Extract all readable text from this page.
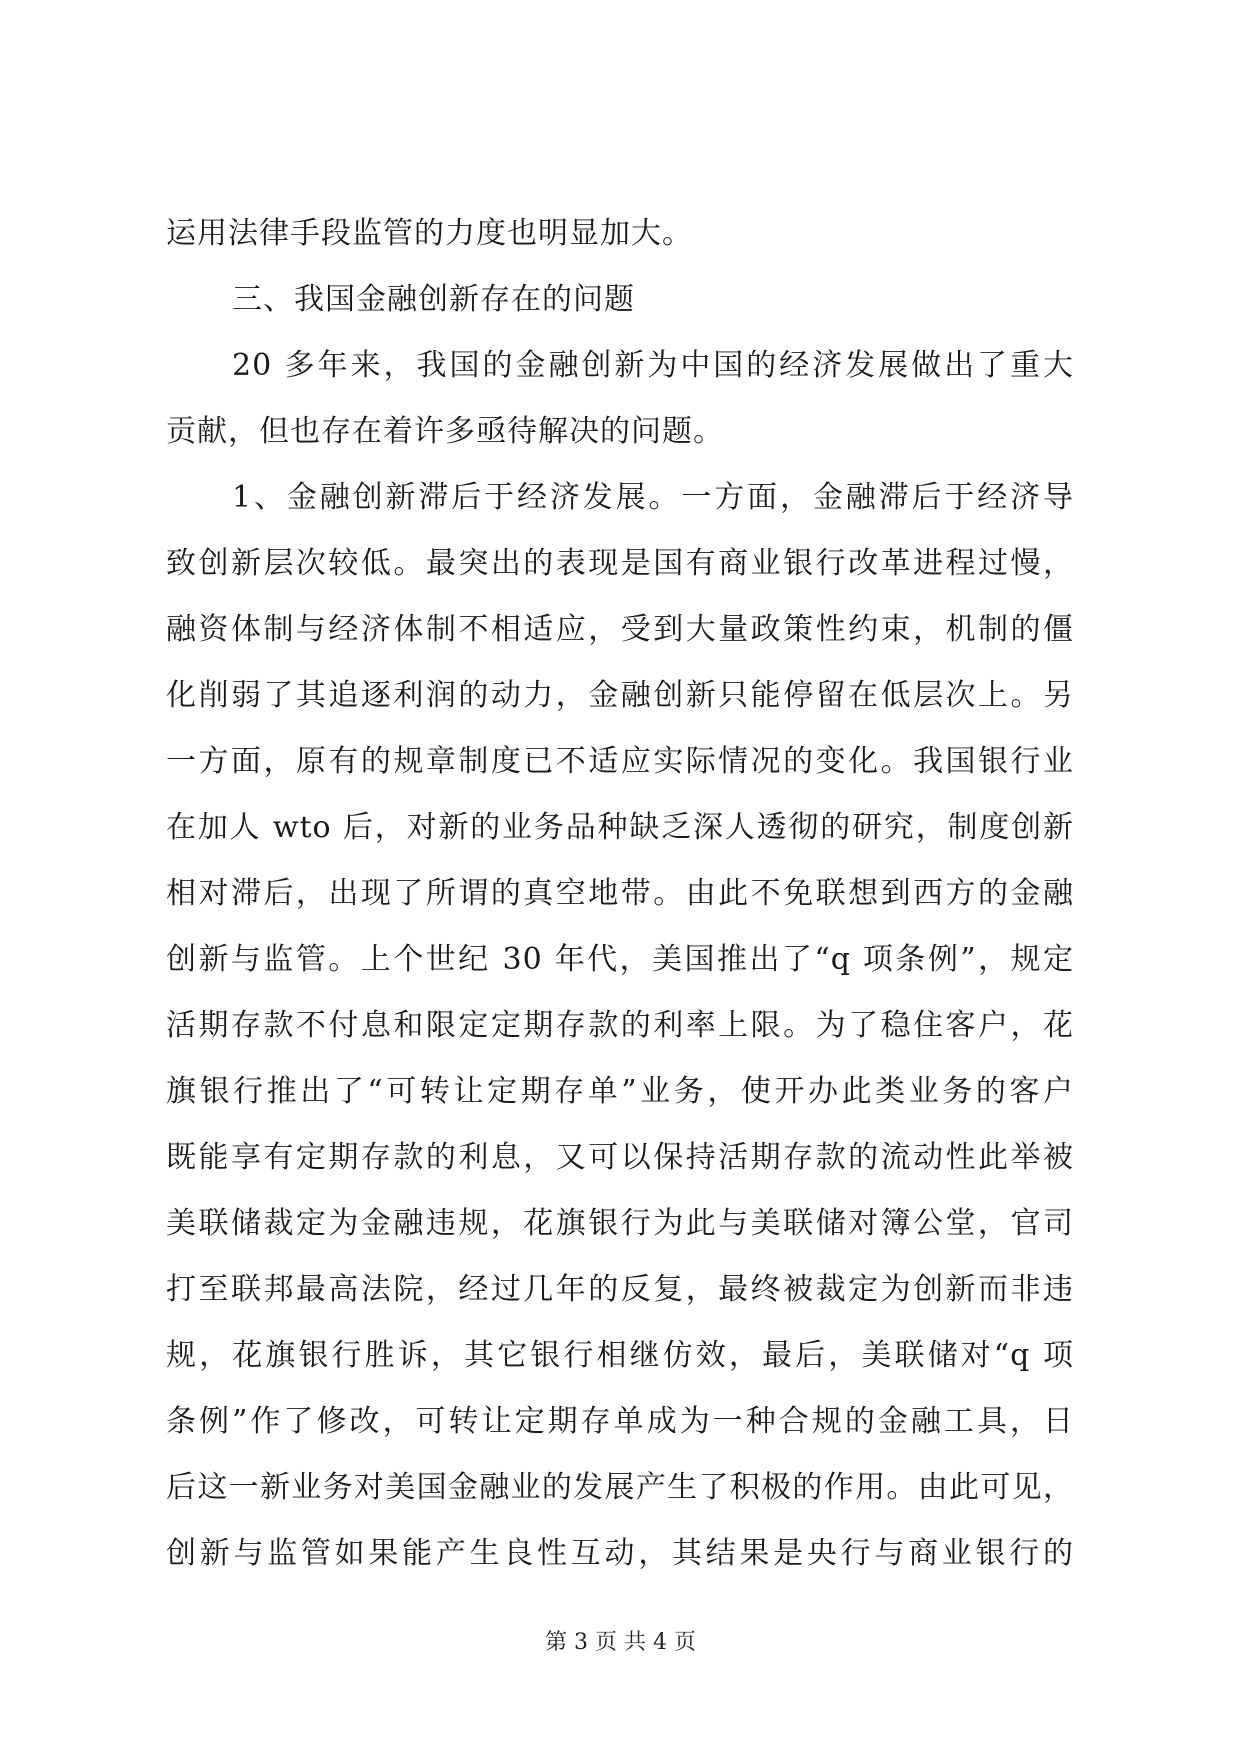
运用法律手段监管的力度也明显加大。
三、我国金融创新存在的问题
20 多年来，我国的金融创新为中国的经济发展做出了重大
贡献，但也存在着许多亟待解决的问题。
1、金融创新滞后于经济发展。一方面，金融滞后于经济导
致创新层次较低。最突出的表现是国有商业银行改革进程过慢，
融资体制与经济体制不相适应，受到大量政策性约束，机制的僵
化削弱了其追逐利润的动力，金融创新只能停留在低层次上。另
一方面，原有的规章制度已不适应实际情况的变化。我国银行业
在加人 wto 后，对新的业务品种缺乏深人透彻的研究，制度创新
相对滞后，出现了所谓的真空地带。由此不免联想到西方的金融
创新与监管。上个世纪 30 年代，美国推出了“q 项条例”，规定
活期存款不付息和限定定期存款的利率上限。为了稳住客户，花
旗银行推出了“可转让定期存单”业务，使开办此类业务的客户
既能享有定期存款的利息，又可以保持活期存款的流动性此举被
美联储裁定为金融违规，花旗银行为此与美联储对簿公堂，官司
打至联邦最高法院，经过几年的反复，最终被裁定为创新而非违
规，花旗银行胜诉，其它银行相继仿效，最后，美联储对“q 项
条例”作了修改，可转让定期存单成为一种合规的金融工具，日
后这一新业务对美国金融业的发展产生了积极的作用。由此可见，
创新与监管如果能产生良性互动，其结果是央行与商业银行的
第 3 页 共 4 页
